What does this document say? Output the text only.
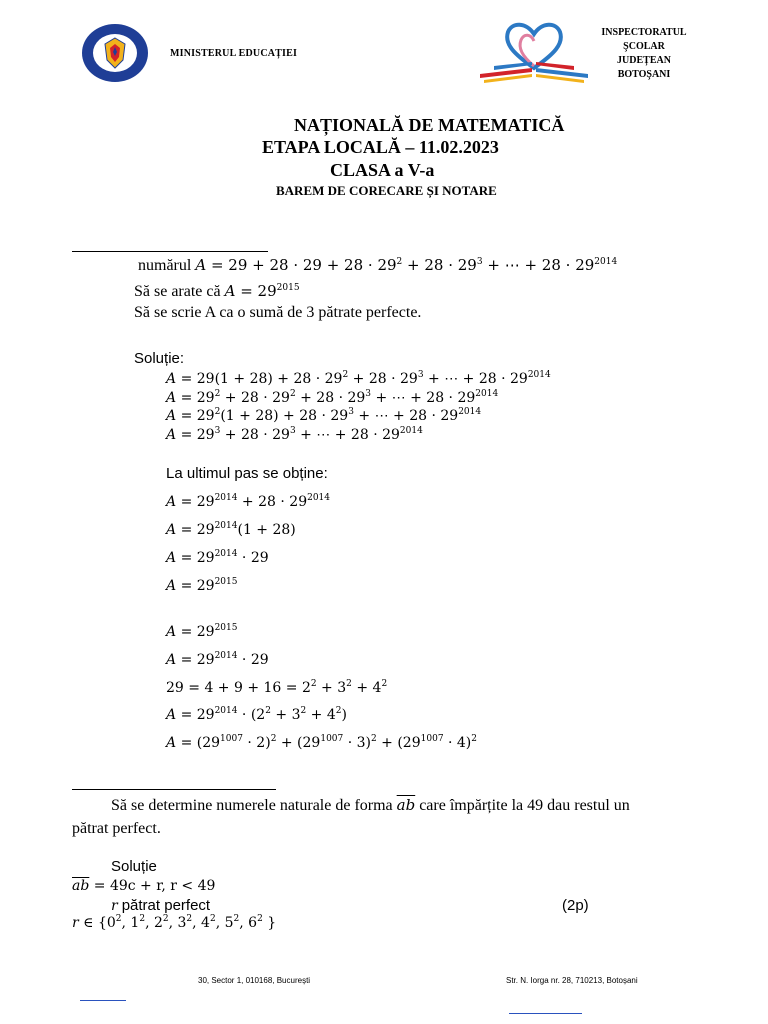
MINISTERUL EDUCAȚIEI
INSPECTORATUL
ŞCOLAR
JUDEȚEAN
BOTOŞANI
NAȚIONALĂ DE MATEMATICĂ
ETAPA LOCALĂ – 11.02.2023
CLASA a V-a
BAREM DE CORECARE ȘI NOTARE
numărul $A = 29 + 28 \cdot 29 + 28 \cdot 29^2 + 28 \cdot 29^3$ + ⋯ + $28 \cdot 29^{2014}$
Să se arate că $A = 29^{2015}$
Să se scrie A ca o sumă de 3 pătrate perfecte.
Soluție:
$A = 29(1 + 28) + 28 \cdot 29^2 + 28 \cdot 29^3$ + ⋯ + $28 \cdot 29^{2014}$
$A = 29^2 + 28 \cdot 29^2 + 28 \cdot 29^3$ + ⋯ + $28 \cdot 29^{2014}$
$A = 29^2(1 + 28) + 28 \cdot 29^3$ + ⋯ + $28 \cdot 29^{2014}$
$A = 29^3 + 28 \cdot 29^3$ + ⋯ + $28 \cdot 29^{2014}$
La ultimul pas se obține:
$A = 29^{2014} + 28 \cdot 29^{2014}$
$A = 29^{2014}(1 + 28)$
$A = 29^{2014} \cdot 29$
$A = 29^{2015}$
$A = 29^{2015}$
$A = 29^{2014} \cdot 29$
$29 = 4 + 9 + 16 = 2^2 + 3^2 + 4^2$
$A = 29^{2014} \cdot (2^2 + 3^2 + 4^2)$
$A = (29^{1007} \cdot 2)^2 + (29^{1007} \cdot 3)^2 + (29^{1007} \cdot 4)^2$
Să se determine numerele naturale de forma $\overline{ab}$ care împărțite la 49 dau restul un
pătrat perfect.
Soluție
$\overline{ab} = 49c + r$, r < 49
r pătrat perfect	(2p)
r ∈ {$0^2$, $1^2$, $2^2$, $3^2$, $4^2$, $5^2$, $6^2$ }
30, Sector 1, 010168, București	Str. N. Iorga nr. 28, 710213, Botoșani
